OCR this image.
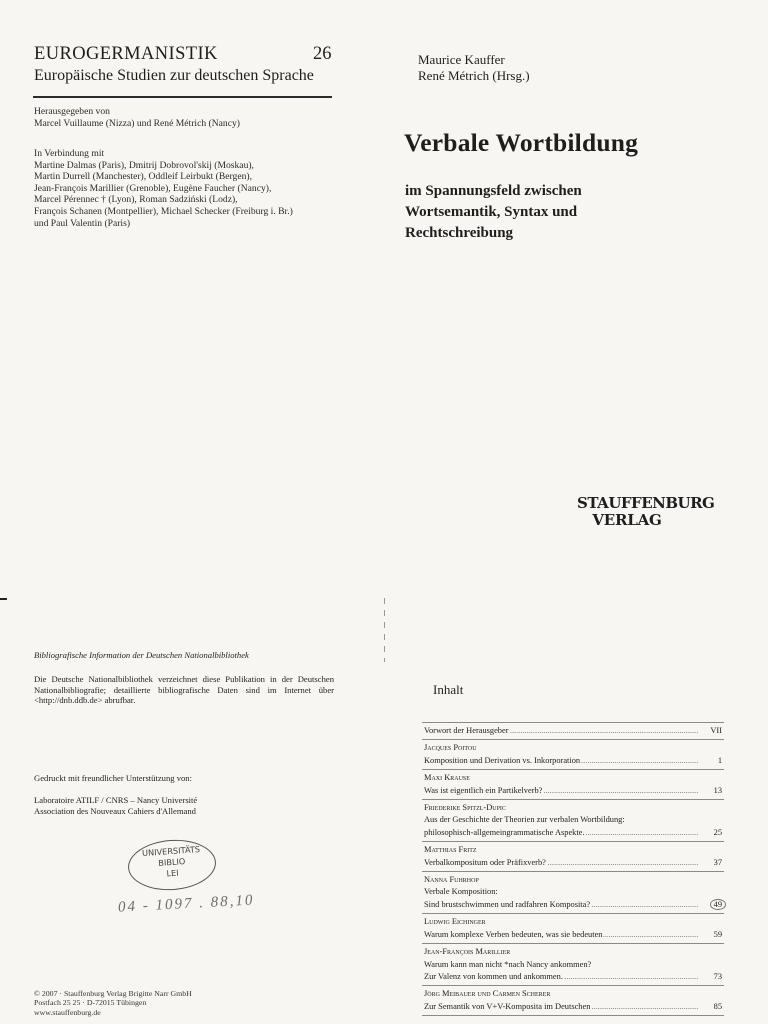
EUROGERMANISTIK	26
Europäische Studien zur deutschen Sprache
Herausgegeben von
Marcel Vuillaume (Nizza) und René Métrich (Nancy)
In Verbindung mit
Martine Dalmas (Paris), Dmitrij Dobrovol'skij (Moskau),
Martin Durrell (Manchester), Oddleif Leirbukt (Bergen),
Jean-François Marillier (Grenoble), Eugène Faucher (Nancy),
Marcel Pérennec † (Lyon), Roman Sadziński (Lodz),
François Schanen (Montpellier), Michael Schecker (Freiburg i. Br.)
und Paul Valentin (Paris)
Maurice Kauffer
René Métrich (Hrsg.)
Verbale Wortbildung
im Spannungsfeld zwischen
Wortsemantik, Syntax und
Rechtschreibung
STAUFFENBURG
VERLAG
Bibliografische Information der Deutschen Nationalbibliothek
Die Deutsche Nationalbibliothek verzeichnet diese Publikation in der Deutschen Nationalbibliografie; detaillierte bibliografische Daten sind im Internet über <http://dnb.ddb.de> abrufbar.
Gedruckt mit freundlicher Unterstützung von:
Laboratoire ATILF / CNRS – Nancy Université
Association des Nouveaux Cahiers d'Allemand
UNIVERSITÄTS
BIBLIO
LEI
04 - 1097 . 88,10
© 2007 · Stauffenburg Verlag Brigitte Narr GmbH
Postfach 25 25 · D-72015 Tübingen
www.stauffenburg.de
Inhalt
.....
Vorwort der Herausgeber	VII
Jacques Poitou
.....
Komposition und Derivation vs. Inkorporation	1
Maxi Krause
.....
Was ist eigentlich ein Partikelverb?	13
Friederike Spitzl-Dupic
Aus der Geschichte der Theorien zur verbalen Wortbildung:
.....
philosophisch-allgemeingrammatische Aspekte.	25
Matthias Fritz
.....
Verbalkompositum oder Präfixverb?	37
Nanna Fuhrhop
Verbale Komposition:
.....
Sind brustschwimmen und radfahren Komposita?	49
Ludwig Eichinger
.....
Warum komplexe Verben bedeuten, was sie bedeuten	59
Jean-François Marillier
Warum kann man nicht *nach Nancy ankommen?
.....
Zur Valenz von kommen und ankommen.	73
Jörg Meibauer und Carmen Scherer
.....
Zur Semantik von V+V-Komposita im Deutschen	85
